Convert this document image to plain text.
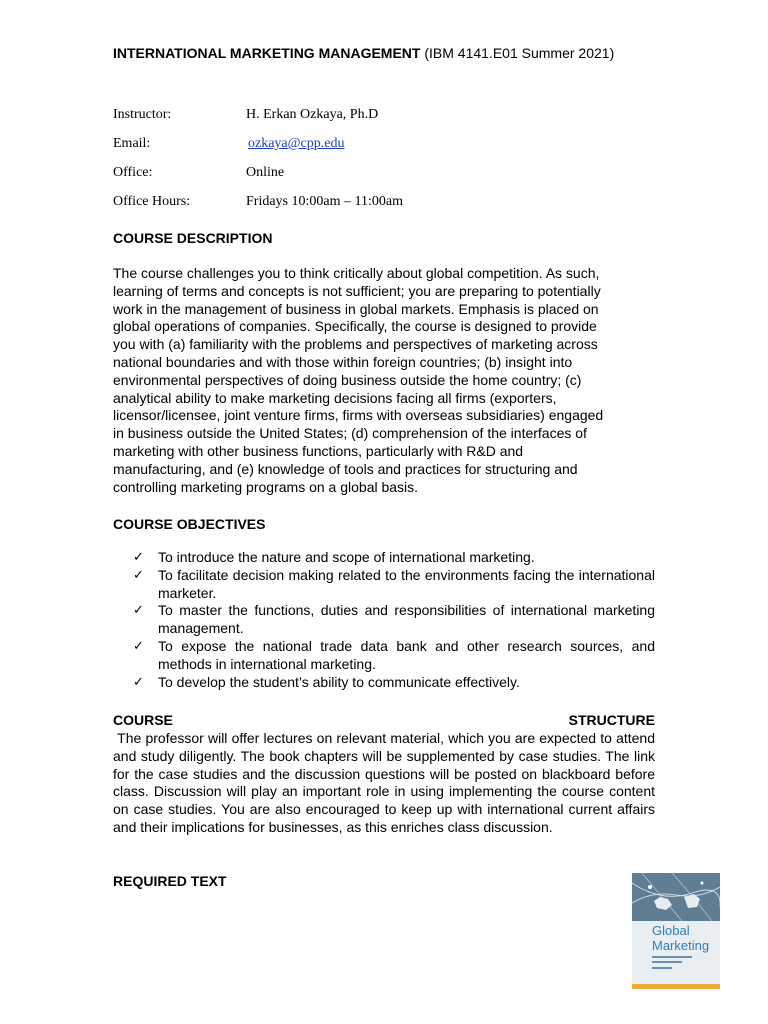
INTERNATIONAL MARKETING MANAGEMENT (IBM 4141.E01 Summer 2021)
Instructor:	H. Erkan Ozkaya, Ph.D
Email:	ozkaya@cpp.edu
Office:	Online
Office Hours:	Fridays 10:00am – 11:00am
COURSE DESCRIPTION
The course challenges you to think critically about global competition. As such,
learning of terms and concepts is not sufficient; you are preparing to potentially
work in the management of business in global markets. Emphasis is placed on
global operations of companies. Specifically, the course is designed to provide
you with (a) familiarity with the problems and perspectives of marketing across
national boundaries and with those within foreign countries; (b) insight into
environmental perspectives of doing business outside the home country; (c)
analytical ability to make marketing decisions facing all firms (exporters,
licensor/licensee, joint venture firms, firms with overseas subsidiaries) engaged
in business outside the United States; (d) comprehension of the interfaces of
marketing with other business functions, particularly with R&D and
manufacturing, and (e) knowledge of tools and practices for structuring and
controlling marketing programs on a global basis.
COURSE OBJECTIVES
✓ To introduce the nature and scope of international marketing.
✓ To facilitate decision making related to the environments facing the international marketer.
✓ To master the functions, duties and responsibilities of international marketing management.
✓ To expose the national trade data bank and other research sources, and methods in international marketing.
✓ To develop the student’s ability to communicate effectively.
COURSE	STRUCTURE
The professor will offer lectures on relevant material, which you are expected to attend and study diligently. The book chapters will be supplemented by case studies. The link for the case studies and the discussion questions will be posted on blackboard before class. Discussion will play an important role in using implementing the course content on case studies. You are also encouraged to keep up with international current affairs and their implications for businesses, as this enriches class discussion.
REQUIRED TEXT
Global
Marketing
